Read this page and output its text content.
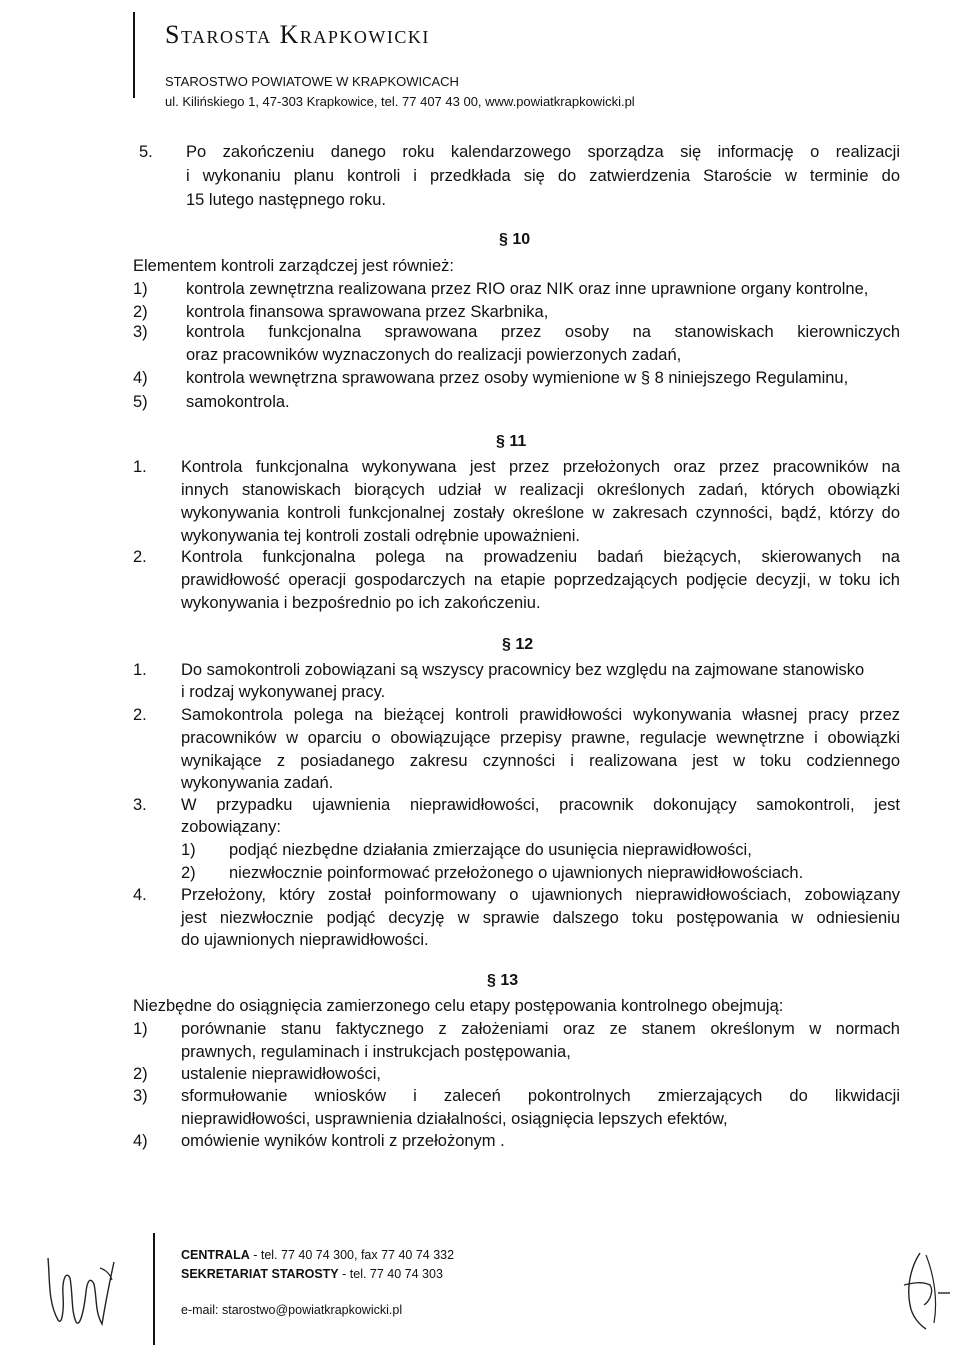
Starosta Krapkowicki
STAROSTWO POWIATOWE W KRAPKOWICACH
ul. Kilińskiego 1, 47-303 Krapkowice, tel. 77 407 43 00, www.powiatkrapkowicki.pl
5. Po zakończeniu danego roku kalendarzowego sporządza się informację o realizacji
i wykonaniu planu kontroli i przedkłada się do zatwierdzenia Staroście w terminie do
15 lutego następnego roku.
§ 10
Elementem kontroli zarządczej jest również:
1) kontrola zewnętrzna realizowana przez RIO oraz NIK oraz inne uprawnione organy kontrolne,
2) kontrola finansowa sprawowana przez Skarbnika,
3) kontrola funkcjonalna sprawowana przez osoby na stanowiskach kierowniczych
oraz pracowników wyznaczonych do realizacji powierzonych zadań,
4) kontrola wewnętrzna sprawowana przez osoby wymienione w § 8 niniejszego Regulaminu,
5) samokontrola.
§ 11
1. Kontrola funkcjonalna wykonywana jest przez przełożonych oraz przez pracowników na
innych stanowiskach biorących udział w realizacji określonych zadań, których obowiązki
wykonywania kontroli funkcjonalnej zostały określone w zakresach czynności, bądź, którzy do
wykonywania tej kontroli zostali odrębnie upoważnieni.
2. Kontrola funkcjonalna polega na prowadzeniu badań bieżących, skierowanych na
prawidłowość operacji gospodarczych na etapie poprzedzających podjęcie decyzji, w toku ich
wykonywania i bezpośrednio po ich zakończeniu.
§ 12
1. Do samokontroli zobowiązani są wszyscy pracownicy bez względu na zajmowane stanowisko
i rodzaj wykonywanej pracy.
2. Samokontrola polega na bieżącej kontroli prawidłowości wykonywania własnej pracy przez
pracowników w oparciu o obowiązujące przepisy prawne, regulacje wewnętrzne i obowiązki
wynikające z posiadanego zakresu czynności i realizowana jest w toku codziennego
wykonywania zadań.
3. W przypadku ujawnienia nieprawidłowości, pracownik dokonujący samokontroli, jest
zobowiązany:
1) podjąć niezbędne działania zmierzające do usunięcia nieprawidłowości,
2) niezwłocznie poinformować przełożonego o ujawnionych nieprawidłowościach.
4. Przełożony, który został poinformowany o ujawnionych nieprawidłowościach, zobowiązany
jest niezwłocznie podjąć decyzję w sprawie dalszego toku postępowania w odniesieniu
do ujawnionych nieprawidłowości.
§ 13
Niezbędne do osiągnięcia zamierzonego celu etapy postępowania kontrolnego obejmują:
1) porównanie stanu faktycznego z założeniami oraz ze stanem określonym w normach
prawnych, regulaminach i instrukcjach postępowania,
2) ustalenie nieprawidłowości,
3) sformułowanie wniosków i zaleceń pokontrolnych zmierzających do likwidacji
nieprawidłowości, usprawnienia działalności, osiągnięcia lepszych efektów,
4) omówienie wyników kontroli z przełożonym .
CENTRALA - tel. 77 40 74 300, fax 77 40 74 332
SEKRETARIAT STAROSTY - tel. 77 40 74 303
e-mail: starostwo@powiatkrapkowicki.pl
